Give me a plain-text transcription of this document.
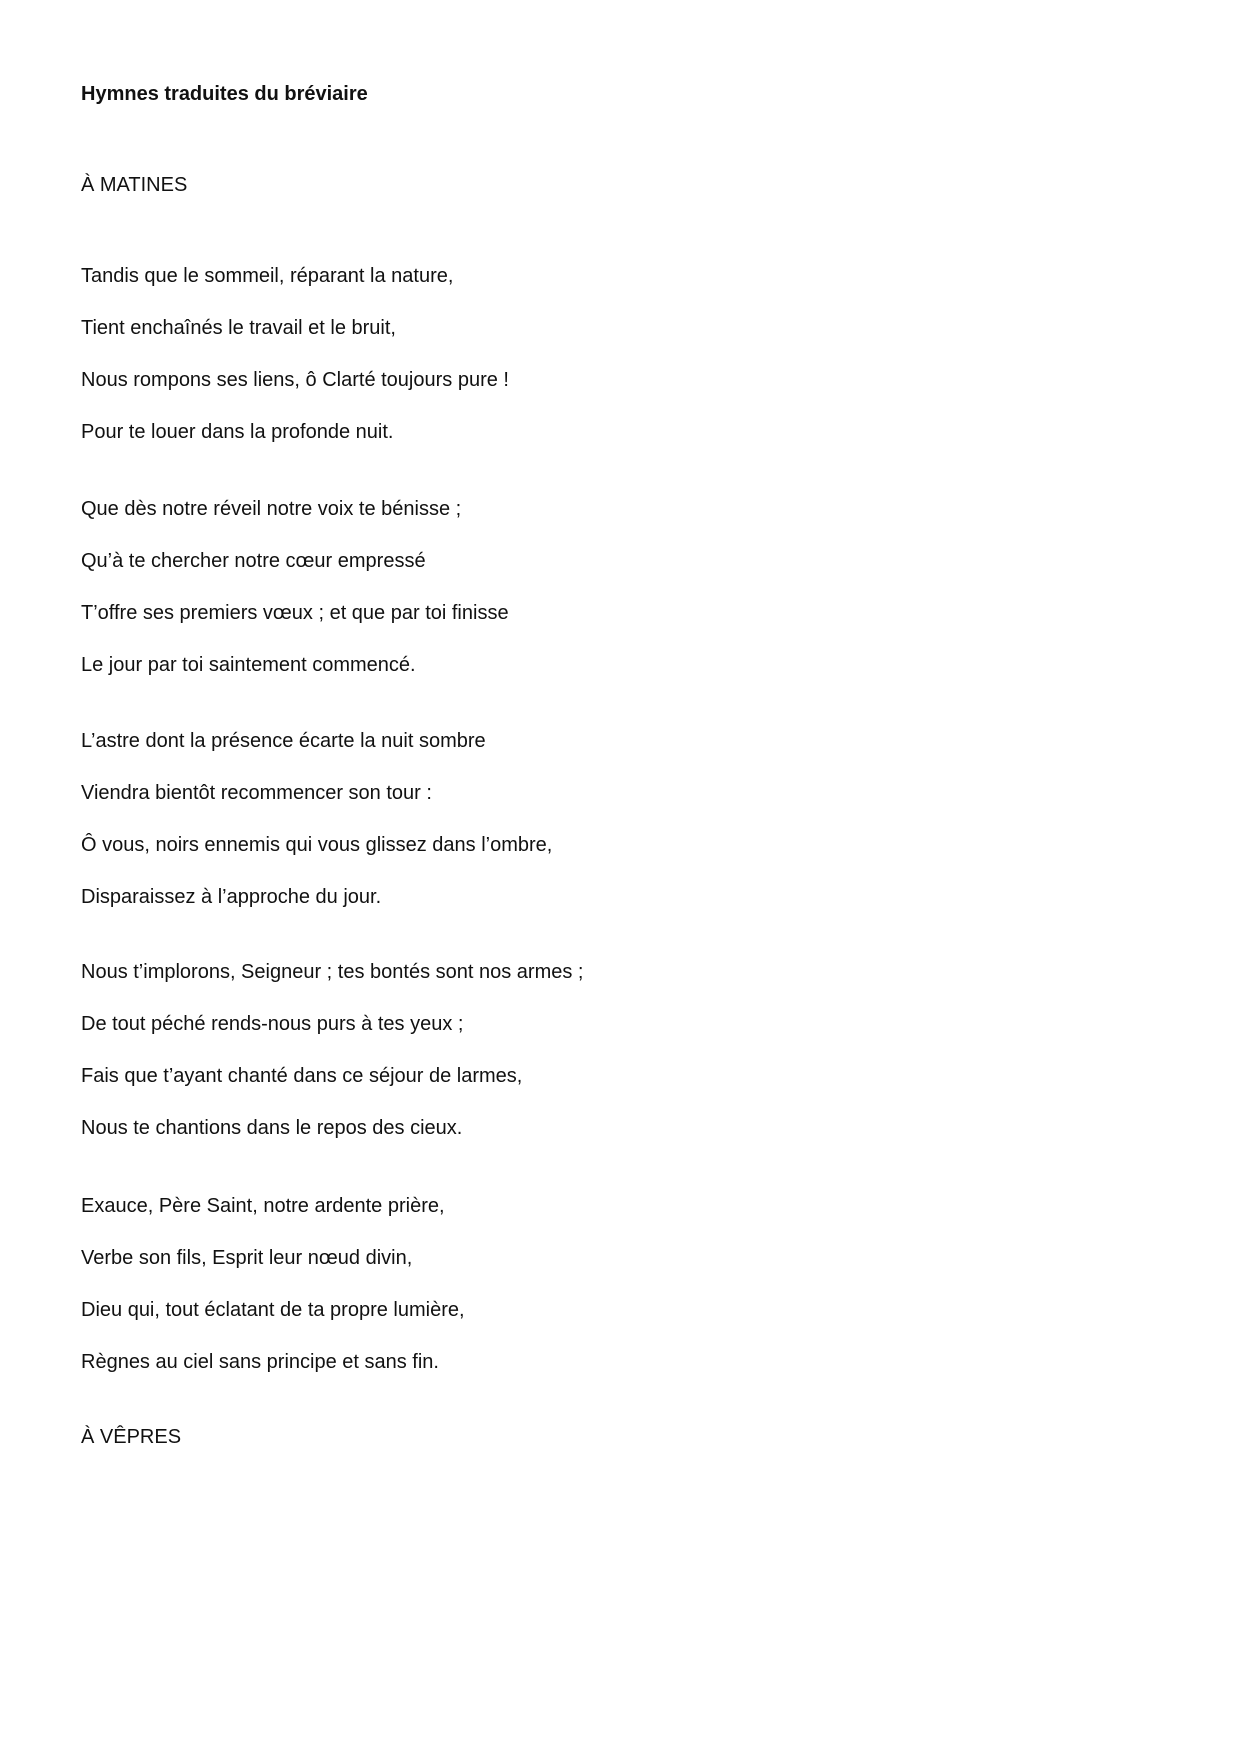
Hymnes traduites du bréviaire
À MATINES
Tandis que le sommeil, réparant la nature,
Tient enchaînés le travail et le bruit,
Nous rompons ses liens, ô Clarté toujours pure !
Pour te louer dans la profonde nuit.
Que dès notre réveil notre voix te bénisse ;
Qu’à te chercher notre cœur empressé
T’offre ses premiers vœux ; et que par toi finisse
Le jour par toi saintement commencé.
L’astre dont la présence écarte la nuit sombre
Viendra bientôt recommencer son tour :
Ô vous, noirs ennemis qui vous glissez dans l’ombre,
Disparaissez à l’approche du jour.
Nous t’implorons, Seigneur ; tes bontés sont nos armes ;
De tout péché rends-nous purs à tes yeux ;
Fais que t’ayant chanté dans ce séjour de larmes,
Nous te chantions dans le repos des cieux.
Exauce, Père Saint, notre ardente prière,
Verbe son fils, Esprit leur nœud divin,
Dieu qui, tout éclatant de ta propre lumière,
Règnes au ciel sans principe et sans fin.
À VÊPRES
